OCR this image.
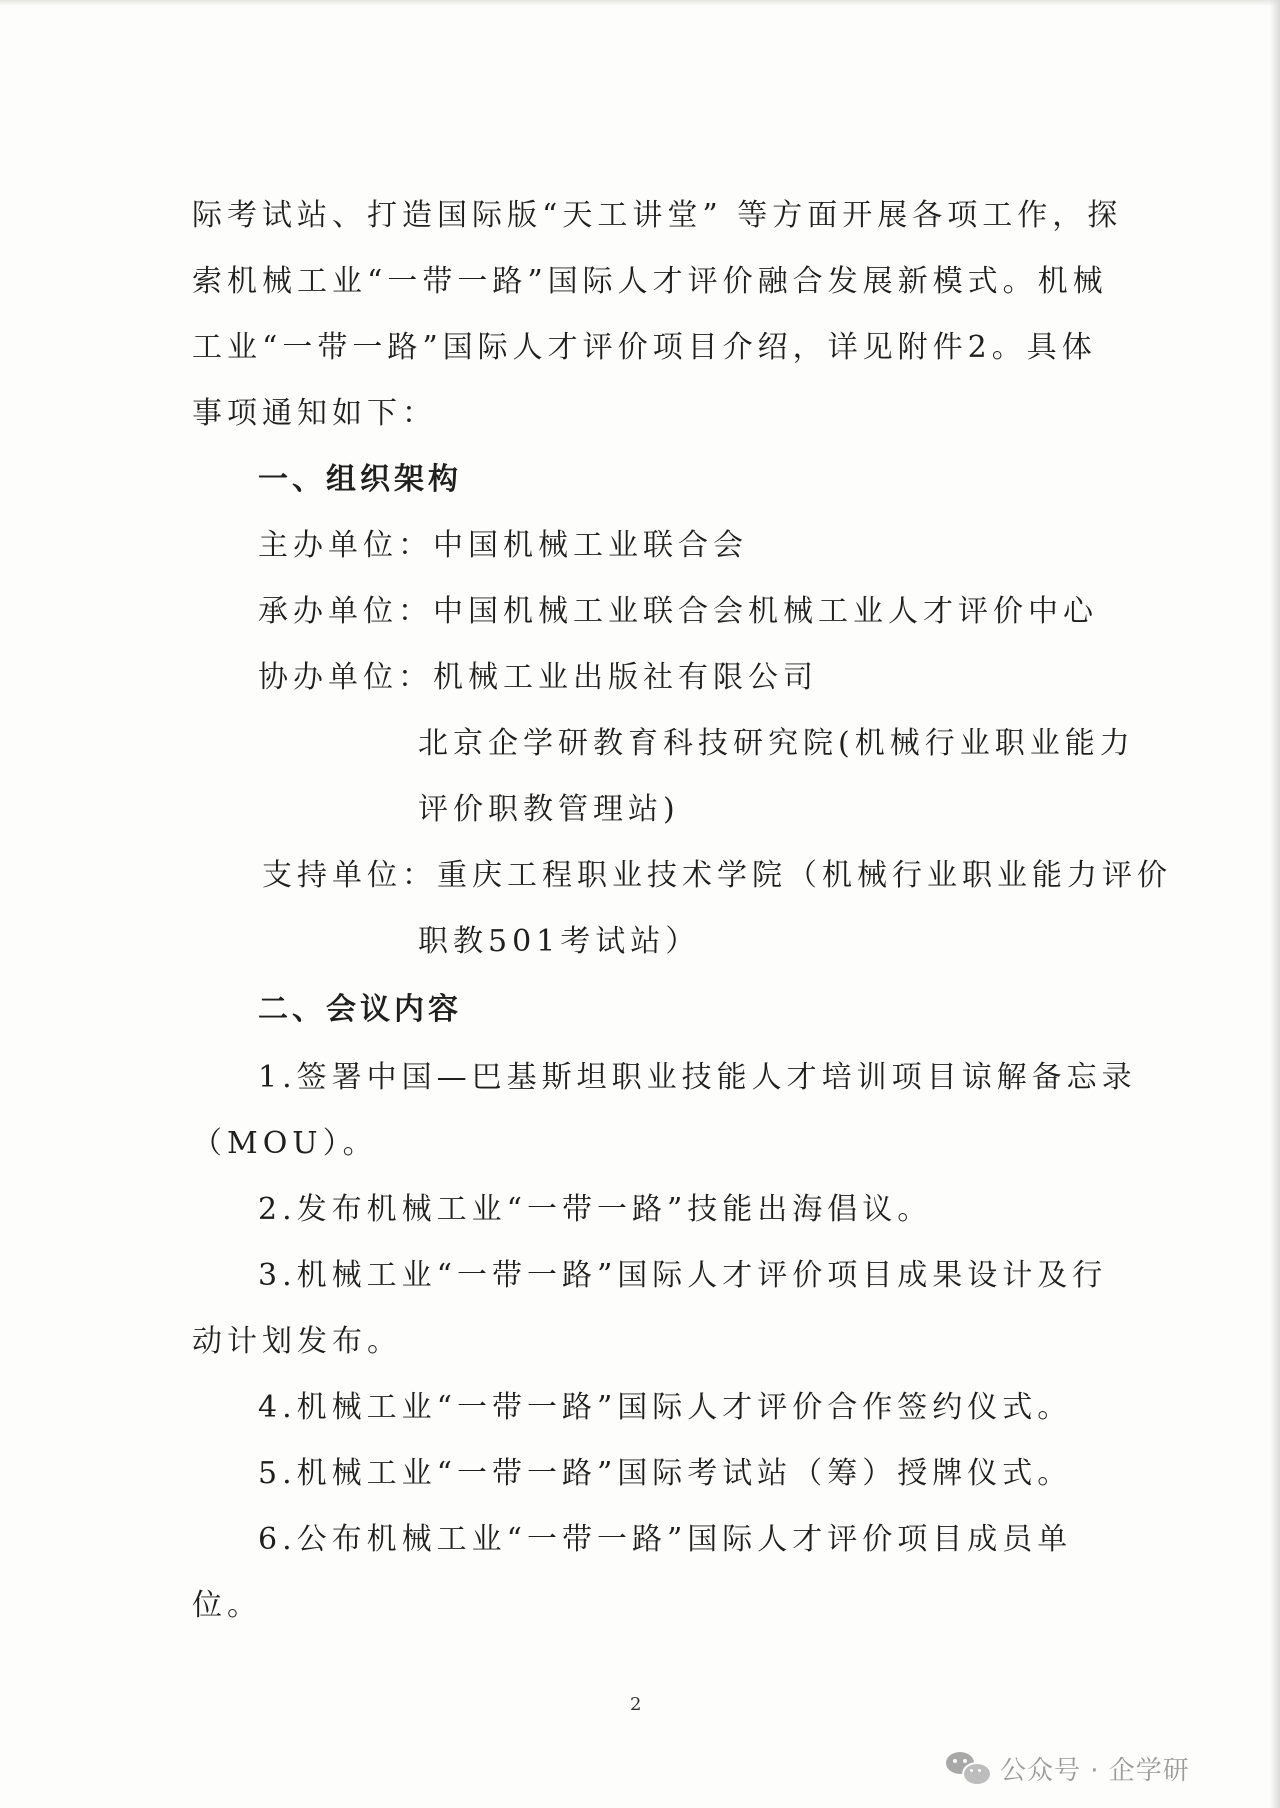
际考试站、打造国际版“天工讲堂” 等方面开展各项工作，探
索机械工业“一带一路”国际人才评价融合发展新模式。机械
工业“一带一路”国际人才评价项目介绍，详见附件2。具体
事项通知如下：
一、组织架构
主办单位：中国机械工业联合会
承办单位：中国机械工业联合会机械工业人才评价中心
协办单位：机械工业出版社有限公司
北京企学研教育科技研究院(机械行业职业能力
评价职教管理站)
支持单位：重庆工程职业技术学院（机械行业职业能力评价
职教501考试站）
二、会议内容
1.签署中国—巴基斯坦职业技能人才培训项目谅解备忘录
（MOU）。
2.发布机械工业“一带一路”技能出海倡议。
3.机械工业“一带一路”国际人才评价项目成果设计及行
动计划发布。
4.机械工业“一带一路”国际人才评价合作签约仪式。
5.机械工业“一带一路”国际考试站（筹）授牌仪式。
6.公布机械工业“一带一路”国际人才评价项目成员单
位。
2
公众号 · 企学研
